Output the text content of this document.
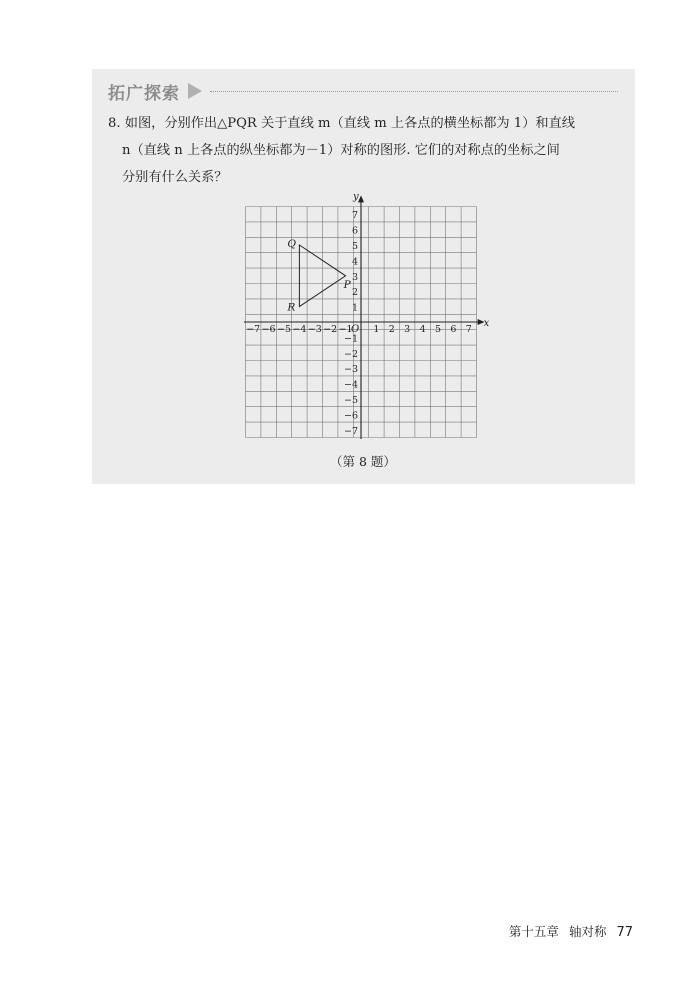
拓广探索
8. 如图，分别作出△PQR 关于直线 m（直线 m 上各点的横坐标都为 1）和直线
n（直线 n 上各点的纵坐标都为－1）对称的图形. 它们的对称点的坐标之间
分别有什么关系？
x
y
O
−7 −6 −5 −4 −3 −2 −1 1 2 3 4 5 6 7
7
6
5
4
3
2
1
−1
−2
−3
−4
−5
−6
−7
P
Q
R
（第 8 题）
第十五章 轴对称 77
